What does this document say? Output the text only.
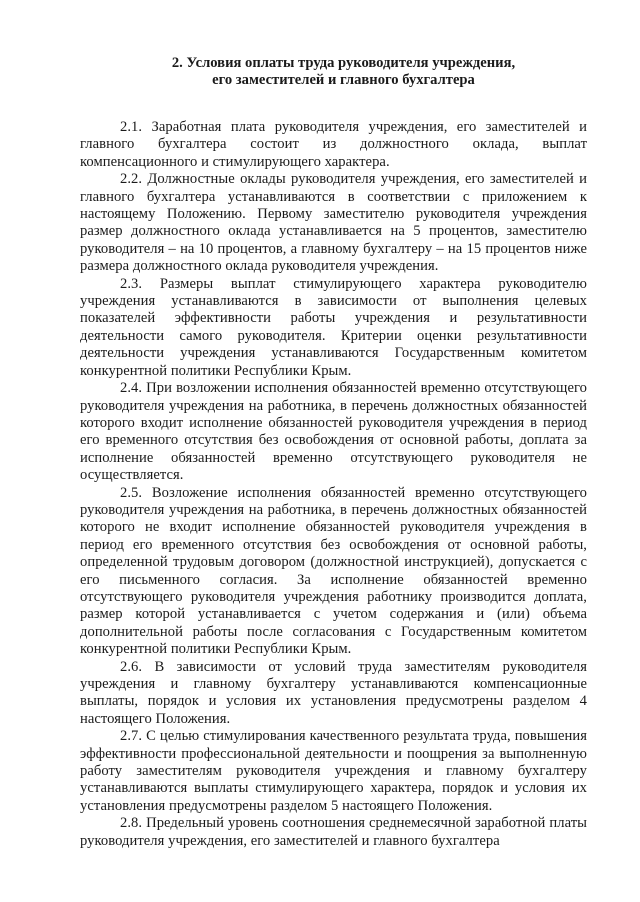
2. Условия оплаты труда руководителя учреждения,
его заместителей и главного бухгалтера

2.1. Заработная плата руководителя учреждения, его заместителей и главного бухгалтера состоит из должностного оклада, выплат компенсационного и стимулирующего характера.

2.2. Должностные оклады руководителя учреждения, его заместителей и главного бухгалтера устанавливаются в соответствии с приложением к настоящему Положению. Первому заместителю руководителя учреждения размер должностного оклада устанавливается на 5 процентов, заместителю руководителя – на 10 процентов, а главному бухгалтеру – на 15 процентов ниже размера должностного оклада руководителя учреждения.

2.3. Размеры выплат стимулирующего характера руководителю учреждения устанавливаются в зависимости от выполнения целевых показателей эффективности работы учреждения и результативности деятельности самого руководителя. Критерии оценки результативности деятельности учреждения устанавливаются Государственным комитетом конкурентной политики Республики Крым.

2.4. При возложении исполнения обязанностей временно отсутствующего руководителя учреждения на работника, в перечень должностных обязанностей которого входит исполнение обязанностей руководителя учреждения в период его временного отсутствия без освобождения от основной работы, доплата за исполнение обязанностей временно отсутствующего руководителя не осуществляется.

2.5. Возложение исполнения обязанностей временно отсутствующего руководителя учреждения на работника, в перечень должностных обязанностей которого не входит исполнение обязанностей руководителя учреждения в период его временного отсутствия без освобождения от основной работы, определенной трудовым договором (должностной инструкцией), допускается с его письменного согласия. За исполнение обязанностей временно отсутствующего руководителя учреждения работнику производится доплата, размер которой устанавливается с учетом содержания и (или) объема дополнительной работы после согласования с Государственным комитетом конкурентной политики Республики Крым.

2.6. В зависимости от условий труда заместителям руководителя учреждения и главному бухгалтеру устанавливаются компенсационные выплаты, порядок и условия их установления предусмотрены разделом 4 настоящего Положения.

2.7. С целью стимулирования качественного результата труда, повышения эффективности профессиональной деятельности и поощрения за выполненную работу заместителям руководителя учреждения и главному бухгалтеру устанавливаются выплаты стимулирующего характера, порядок и условия их установления предусмотрены разделом 5 настоящего Положения.

2.8. Предельный уровень соотношения среднемесячной заработной платы руководителя учреждения, его заместителей и главного бухгалтера
